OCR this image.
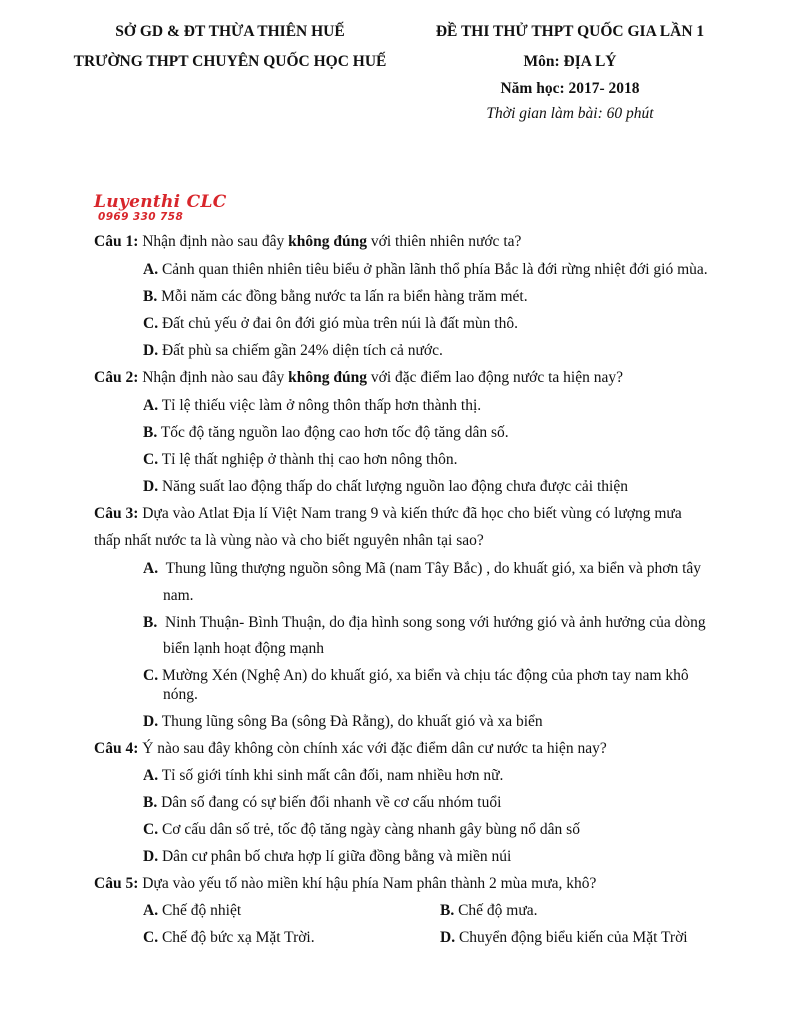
SỞ GD & ĐT THỪA THIÊN HUẾ
TRƯỜNG THPT CHUYÊN QUỐC HỌC HUẾ
ĐỀ THI THỬ THPT QUỐC GIA LẦN 1
Môn: ĐỊA LÝ
Năm học: 2017- 2018
Thời gian làm bài: 60 phút
Luyenthi CLC
0969 330 758
Câu 1: Nhận định nào sau đây không đúng với thiên nhiên nước ta?
A. Cảnh quan thiên nhiên tiêu biểu ở phần lãnh thổ phía Bắc là đới rừng nhiệt đới gió mùa.
B. Mỗi năm các đồng bằng nước ta lấn ra biển hàng trăm mét.
C. Đất chủ yếu ở đai ôn đới gió mùa trên núi là đất mùn thô.
D. Đất phù sa chiếm gần 24% diện tích cả nước.
Câu 2: Nhận định nào sau đây không đúng với đặc điểm lao động nước ta hiện nay?
A. Tỉ lệ thiếu việc làm ở nông thôn thấp hơn thành thị.
B. Tốc độ tăng nguồn lao động cao hơn tốc độ tăng dân số.
C. Tỉ lệ thất nghiệp ở thành thị cao hơn nông thôn.
D. Năng suất lao động thấp do chất lượng nguồn lao động chưa được cải thiện
Câu 3: Dựa vào Atlat Địa lí Việt Nam trang 9 và kiến thức đã học cho biết vùng có lượng mưa
thấp nhất nước ta là vùng nào và cho biết nguyên nhân tại sao?
A. Thung lũng thượng nguồn sông Mã (nam Tây Bắc) , do khuất gió, xa biển và phơn tây
nam.
B. Ninh Thuận- Bình Thuận, do địa hình song song với hướng gió và ảnh hưởng của dòng
biển lạnh hoạt động mạnh
C. Mường Xén (Nghệ An) do khuất gió, xa biển và chịu tác động của phơn tay nam khô
nóng.
D. Thung lũng sông Ba (sông Đà Rằng), do khuất gió và xa biển
Câu 4: Ý nào sau đây không còn chính xác với đặc điểm dân cư nước ta hiện nay?
A. Tỉ số giới tính khi sinh mất cân đối, nam nhiều hơn nữ.
B. Dân số đang có sự biến đổi nhanh về cơ cấu nhóm tuổi
C. Cơ cấu dân số trẻ, tốc độ tăng ngày càng nhanh gây bùng nổ dân số
D. Dân cư phân bố chưa hợp lí giữa đồng bằng và miền núi
Câu 5: Dựa vào yếu tố nào miền khí hậu phía Nam phân thành 2 mùa mưa, khô?
A. Chế độ nhiệt	B. Chế độ mưa.
C. Chế độ bức xạ Mặt Trời.	D. Chuyển động biểu kiến của Mặt Trời
